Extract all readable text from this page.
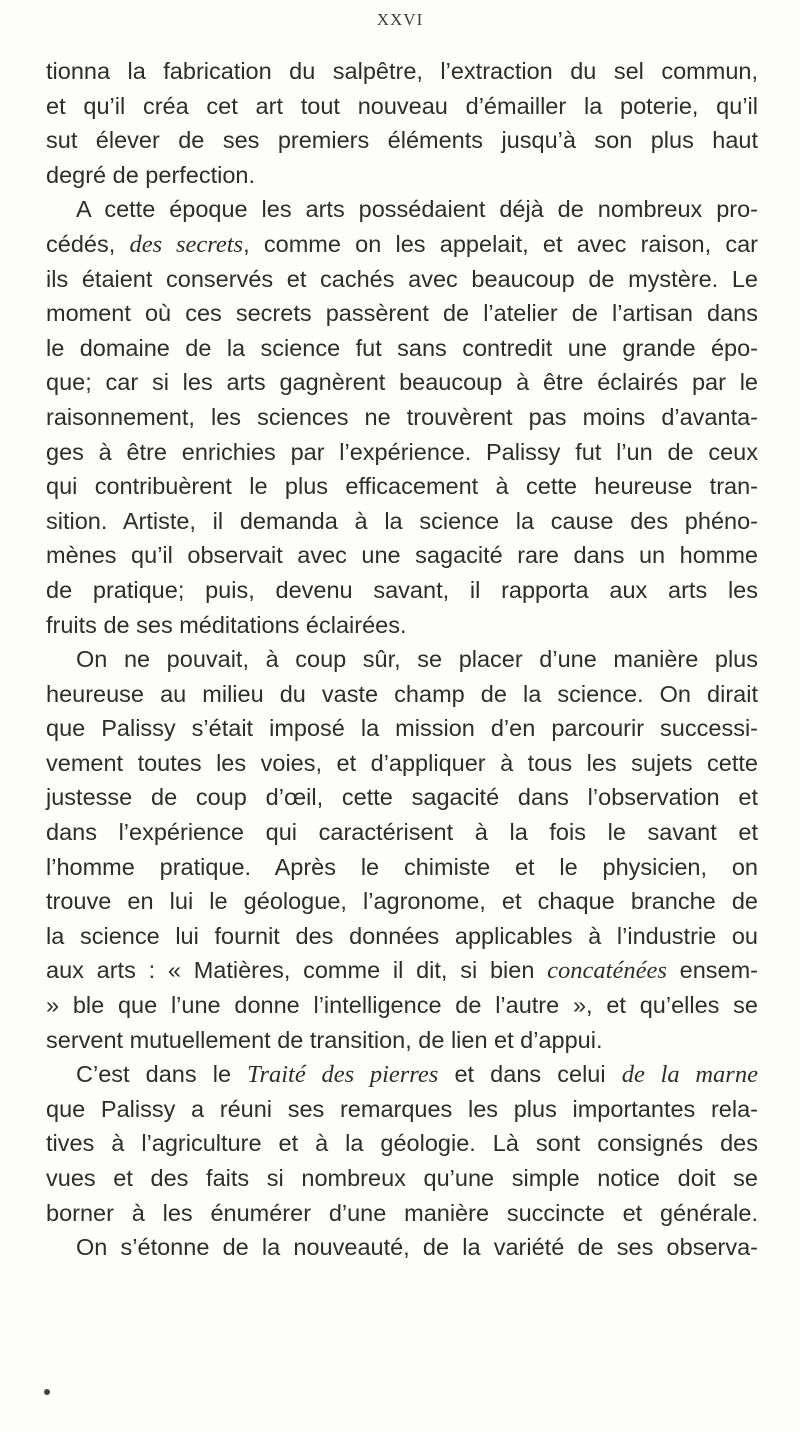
XXVI
tionna la fabrication du salpêtre, l’extraction du sel commun,
et qu’il créa cet art tout nouveau d’émailler la poterie, qu’il
sut élever de ses premiers éléments jusqu’à son plus haut
degré de perfection.
A cette époque les arts possédaient déjà de nombreux pro-
cédés, des secrets, comme on les appelait, et avec raison, car
ils étaient conservés et cachés avec beaucoup de mystère. Le
moment où ces secrets passèrent de l’atelier de l’artisan dans
le domaine de la science fut sans contredit une grande épo-
que; car si les arts gagnèrent beaucoup à être éclairés par le
raisonnement, les sciences ne trouvèrent pas moins d’avanta-
ges à être enrichies par l’expérience. Palissy fut l’un de ceux
qui contribuèrent le plus efficacement à cette heureuse tran-
sition. Artiste, il demanda à la science la cause des phéno-
mènes qu’il observait avec une sagacité rare dans un homme
de pratique; puis, devenu savant, il rapporta aux arts les
fruits de ses méditations éclairées.
On ne pouvait, à coup sûr, se placer d’une manière plus
heureuse au milieu du vaste champ de la science. On dirait
que Palissy s’était imposé la mission d’en parcourir successi-
vement toutes les voies, et d’appliquer à tous les sujets cette
justesse de coup d’œil, cette sagacité dans l’observation et
dans l’expérience qui caractérisent à la fois le savant et
l’homme pratique. Après le chimiste et le physicien, on
trouve en lui le géologue, l’agronome, et chaque branche de
la science lui fournit des données applicables à l’industrie ou
aux arts : « Matières, comme il dit, si bien concaténées ensem-
» ble que l’une donne l’intelligence de l’autre », et qu’elles se
servent mutuellement de transition, de lien et d’appui.
C’est dans le Traité des pierres et dans celui de la marne
que Palissy a réuni ses remarques les plus importantes rela-
tives à l’agriculture et à la géologie. Là sont consignés des
vues et des faits si nombreux qu’une simple notice doit se
borner à les énumérer d’une manière succincte et générale.
On s’étonne de la nouveauté, de la variété de ses observa-
